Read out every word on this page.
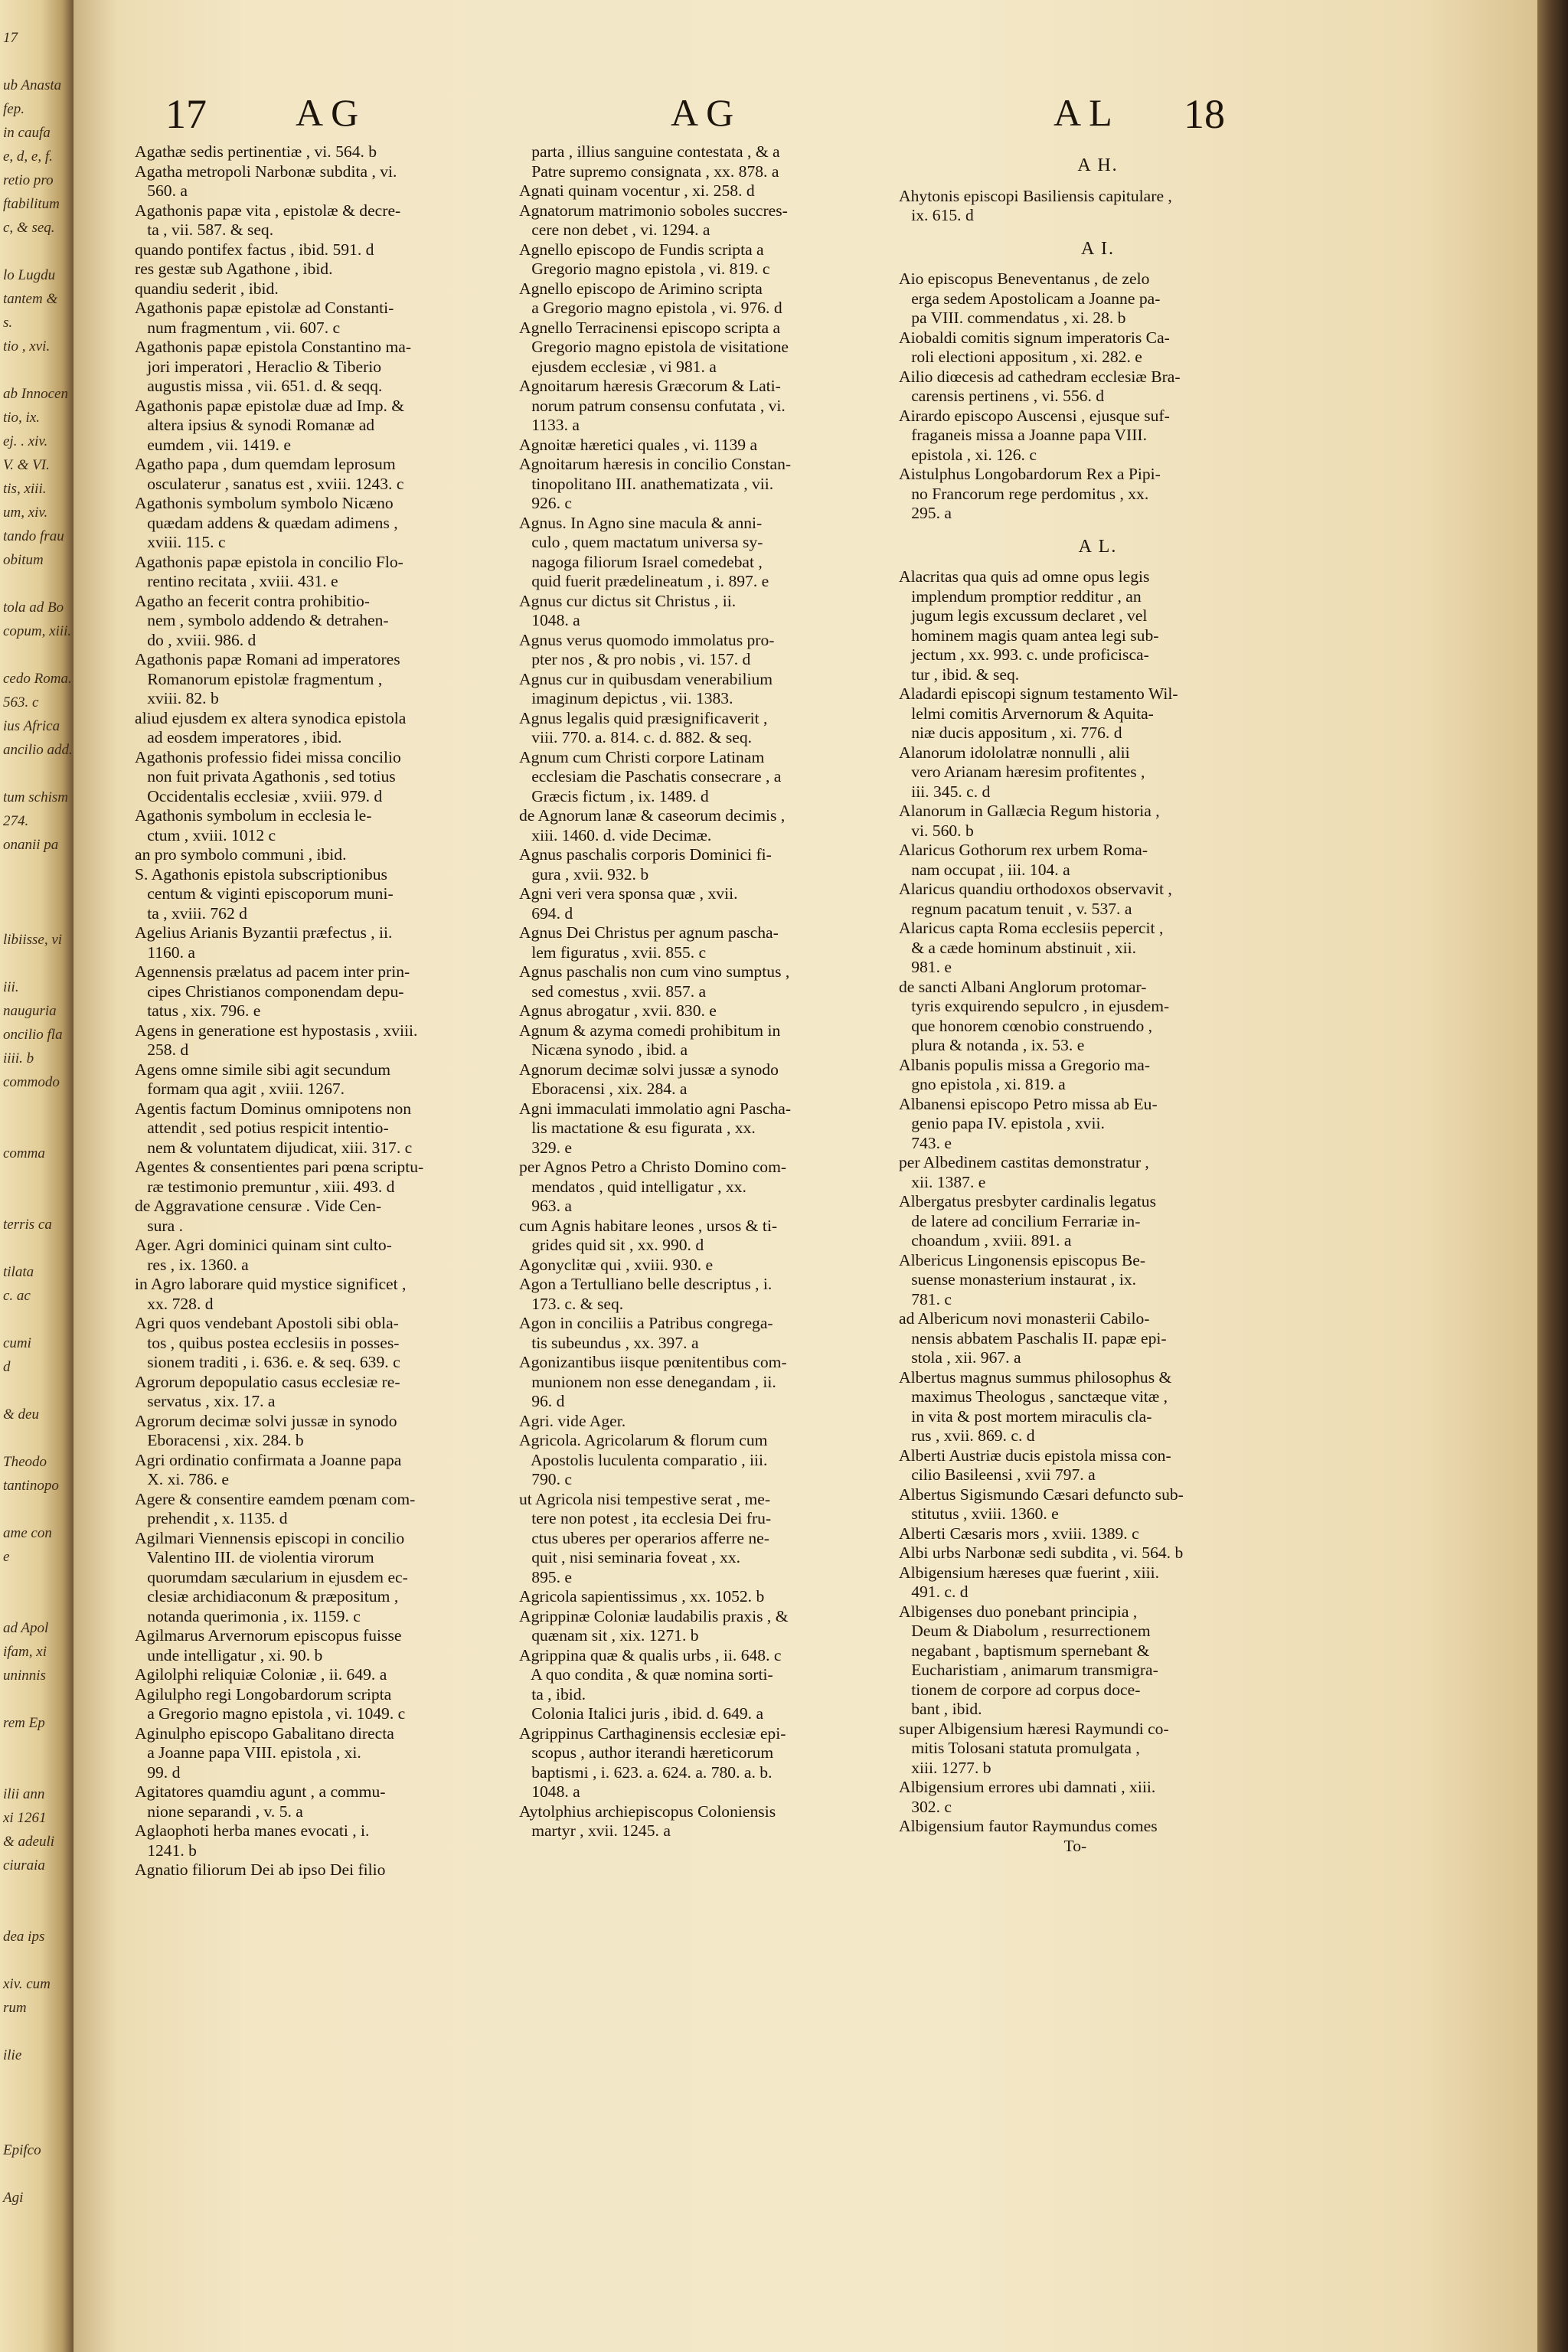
17
ub Anasta
fep.
in caufa
e, d, e, f.
retio pro
ftabilitum
c, & seq.
lo Lugdu
tantem &
s.
tio , xvi.
ab Innocen
tio, ix.
ej. . xiv.
V. & VI.
tis, xiii.
um, xiv.
tando frau
obitum
tola ad Bo
copum, xiii.
cedo Roma.
563. c
ius Africa
ancilio add.
tum schism
274.
onanii pa
libiisse, vi
iii.
nauguria
oncilio fla
iiii. b
commodo
comma
terris ca
tilata
c. ac
cumi
d
& deu
Theodo
tantinopo
ame con
e
ad Apol
ifam, xi
uninnis
rem Ep
ilii ann
xi 1261
& adeuli
ciuraia
dea ips
xiv. cum
rum
ilie
Epifco
Agi
17 AG	AG	AL 18
Agathæ sedis pertinentiæ , vi. 564. b
Agatha metropoli Narbonæ subdita , vi.
560. a
Agathonis papæ vita , epistolæ & decre-
ta , vii. 587. & seq.
quando pontifex factus , ibid. 591. d
res gestæ sub Agathone , ibid.
quandiu sederit , ibid.
Agathonis papæ epistolæ ad Constanti-
num fragmentum , vii. 607. c
Agathonis papæ epistola Constantino ma-
jori imperatori , Heraclio & Tiberio
augustis missa , vii. 651. d. & seqq.
Agathonis papæ epistolæ duæ ad Imp. &
altera ipsius & synodi Romanæ ad
eumdem , vii. 1419. e
Agatho papa , dum quemdam leprosum
osculaterur , sanatus est , xviii. 1243. c
Agathonis symbolum symbolo Nicæno
quædam addens & quædam adimens ,
xviii. 115. c
Agathonis papæ epistola in concilio Flo-
rentino recitata , xviii. 431. e
Agatho an fecerit contra prohibitio-
nem , symbolo addendo & detrahen-
do , xviii. 986. d
Agathonis papæ Romani ad imperatores
Romanorum epistolæ fragmentum ,
xviii. 82. b
aliud ejusdem ex altera synodica epistola
ad eosdem imperatores , ibid.
Agathonis professio fidei missa concilio
non fuit privata Agathonis , sed totius
Occidentalis ecclesiæ , xviii. 979. d
Agathonis symbolum in ecclesia le-
ctum , xviii. 1012 c
an pro symbolo communi , ibid.
S. Agathonis epistola subscriptionibus
centum & viginti episcoporum muni-
ta , xviii. 762 d
Agelius Arianis Byzantii præfectus , ii.
1160. a
Agennensis prælatus ad pacem inter prin-
cipes Christianos componendam depu-
tatus , xix. 796. e
Agens in generatione est hypostasis , xviii.
258. d
Agens omne simile sibi agit secundum
formam qua agit , xviii. 1267.
Agentis factum Dominus omnipotens non
attendit , sed potius respicit intentio-
nem & voluntatem dijudicat, xiii. 317. c
Agentes & consentientes pari pœna scriptu-
ræ testimonio premuntur , xiii. 493. d
de Aggravatione censuræ . Vide Cen-
sura .
Ager. Agri dominici quinam sint culto-
res , ix. 1360. a
in Agro laborare quid mystice significet ,
xx. 728. d
Agri quos vendebant Apostoli sibi obla-
tos , quibus postea ecclesiis in posses-
sionem traditi , i. 636. e. & seq. 639. c
Agrorum depopulatio casus ecclesiæ re-
servatus , xix. 17. a
Agrorum decimæ solvi jussæ in synodo
Eboracensi , xix. 284. b
Agri ordinatio confirmata a Joanne papa
X. xi. 786. e
Agere & consentire eamdem pœnam com-
prehendit , x. 1135. d
Agilmari Viennensis episcopi in concilio
Valentino III. de violentia virorum
quorumdam sæcularium in ejusdem ec-
clesiæ archidiaconum & præpositum ,
notanda querimonia , ix. 1159. c
Agilmarus Arvernorum episcopus fuisse
unde intelligatur , xi. 90. b
Agilolphi reliquiæ Coloniæ , ii. 649. a
Agilulpho regi Longobardorum scripta
a Gregorio magno epistola , vi. 1049. c
Aginulpho episcopo Gabalitano directa
a Joanne papa VIII. epistola , xi.
99. d
Agitatores quamdiu agunt , a commu-
nione separandi , v. 5. a
Aglaophoti herba manes evocati , i.
1241. b
Agnatio filiorum Dei ab ipso Dei filio
parta , illius sanguine contestata , & a
Patre supremo consignata , xx. 878. a
Agnati quinam vocentur , xi. 258. d
Agnatorum matrimonio soboles succres-
cere non debet , vi. 1294. a
Agnello episcopo de Fundis scripta a
Gregorio magno epistola , vi. 819. c
Agnello episcopo de Arimino scripta
a Gregorio magno epistola , vi. 976. d
Agnello Terracinensi episcopo scripta a
Gregorio magno epistola de visitatione
ejusdem ecclesiæ , vi 981. a
Agnoitarum hæresis Græcorum & Lati-
norum patrum consensu confutata , vi.
1133. a
Agnoitæ hæretici quales , vi. 1139 a
Agnoitarum hæresis in concilio Constan-
tinopolitano III. anathematizata , vii.
926. c
Agnus. In Agno sine macula & anni-
culo , quem mactatum universa sy-
nagoga filiorum Israel comedebat ,
quid fuerit prædelineatum , i. 897. e
Agnus cur dictus sit Christus , ii.
1048. a
Agnus verus quomodo immolatus pro-
pter nos , & pro nobis , vi. 157. d
Agnus cur in quibusdam venerabilium
imaginum depictus , vii. 1383.
Agnus legalis quid præsignificaverit ,
viii. 770. a. 814. c. d. 882. & seq.
Agnum cum Christi corpore Latinam
ecclesiam die Paschatis consecrare , a
Græcis fictum , ix. 1489. d
de Agnorum lanæ & caseorum decimis ,
xiii. 1460. d. vide Decimæ.
Agnus paschalis corporis Dominici fi-
gura , xvii. 932. b
Agni veri vera sponsa quæ , xvii.
694. d
Agnus Dei Christus per agnum pascha-
lem figuratus , xvii. 855. c
Agnus paschalis non cum vino sumptus ,
sed comestus , xvii. 857. a
Agnus abrogatur , xvii. 830. e
Agnum & azyma comedi prohibitum in
Nicæna synodo , ibid. a
Agnorum decimæ solvi jussæ a synodo
Eboracensi , xix. 284. a
Agni immaculati immolatio agni Pascha-
lis mactatione & esu figurata , xx.
329. e
per Agnos Petro a Christo Domino com-
mendatos , quid intelligatur , xx.
963. a
cum Agnis habitare leones , ursos & ti-
grides quid sit , xx. 990. d
Agonyclitæ qui , xviii. 930. e
Agon a Tertulliano belle descriptus , i.
173. c. & seq.
Agon in conciliis a Patribus congrega-
tis subeundus , xx. 397. a
Agonizantibus iisque pœnitentibus com-
munionem non esse denegandam , ii.
96. d
Agri. vide Ager.
Agricola. Agricolarum & florum cum
Apostolis luculenta comparatio , iii.
790. c
ut Agricola nisi tempestive serat , me-
tere non potest , ita ecclesia Dei fru-
ctus uberes per operarios afferre ne-
quit , nisi seminaria foveat , xx.
895. e
Agricola sapientissimus , xx. 1052. b
Agrippinæ Coloniæ laudabilis praxis , &
quænam sit , xix. 1271. b
Agrippina quæ & qualis urbs , ii. 648. c
A quo condita , & quæ nomina sorti-
ta , ibid.
Colonia Italici juris , ibid. d. 649. a
Agrippinus Carthaginensis ecclesiæ epi-
scopus , author iterandi hæreticorum
baptismi , i. 623. a. 624. a. 780. a. b.
1048. a
Aytolphius archiepiscopus Coloniensis
martyr , xvii. 1245. a
A H.
Ahytonis episcopi Basiliensis capitulare ,
ix. 615. d
A I.
Aio episcopus Beneventanus , de zelo
erga sedem Apostolicam a Joanne pa-
pa VIII. commendatus , xi. 28. b
Aiobaldi comitis signum imperatoris Ca-
roli electioni appositum , xi. 282. e
Ailio diœcesis ad cathedram ecclesiæ Bra-
carensis pertinens , vi. 556. d
Airardo episcopo Auscensi , ejusque suf-
fraganeis missa a Joanne papa VIII.
epistola , xi. 126. c
Aistulphus Longobardorum Rex a Pipi-
no Francorum rege perdomitus , xx.
295. a
A L.
Alacritas qua quis ad omne opus legis
implendum promptior redditur , an
jugum legis excussum declaret , vel
hominem magis quam antea legi sub-
jectum , xx. 993. c. unde proficisca-
tur , ibid. & seq.
Aladardi episcopi signum testamento Wil-
lelmi comitis Arvernorum & Aquita-
niæ ducis appositum , xi. 776. d
Alanorum idololatræ nonnulli , alii
vero Arianam hæresim profitentes ,
iii. 345. c. d
Alanorum in Gallæcia Regum historia ,
vi. 560. b
Alaricus Gothorum rex urbem Roma-
nam occupat , iii. 104. a
Alaricus quandiu orthodoxos observavit ,
regnum pacatum tenuit , v. 537. a
Alaricus capta Roma ecclesiis pepercit ,
& a cæde hominum abstinuit , xii.
981. e
de sancti Albani Anglorum protomar-
tyris exquirendo sepulcro , in ejusdem-
que honorem cœnobio construendo ,
plura & notanda , ix. 53. e
Albanis populis missa a Gregorio ma-
gno epistola , xi. 819. a
Albanensi episcopo Petro missa ab Eu-
genio papa IV. epistola , xvii.
743. e
per Albedinem castitas demonstratur ,
xii. 1387. e
Albergatus presbyter cardinalis legatus
de latere ad concilium Ferrariæ in-
choandum , xviii. 891. a
Albericus Lingonensis episcopus Be-
suense monasterium instaurat , ix.
781. c
ad Albericum novi monasterii Cabilo-
nensis abbatem Paschalis II. papæ epi-
stola , xii. 967. a
Albertus magnus summus philosophus &
maximus Theologus , sanctæque vitæ ,
in vita & post mortem miraculis cla-
rus , xvii. 869. c. d
Alberti Austriæ ducis epistola missa con-
cilio Basileensi , xvii 797. a
Albertus Sigismundo Cæsari defuncto sub-
stitutus , xviii. 1360. e
Alberti Cæsaris mors , xviii. 1389. c
Albi urbs Narbonæ sedi subdita , vi. 564. b
Albigensium hæreses quæ fuerint , xiii.
491. c. d
Albigenses duo ponebant principia ,
Deum & Diabolum , resurrectionem
negabant , baptismum spernebant &
Eucharistiam , animarum transmigra-
tionem de corpore ad corpus doce-
bant , ibid.
super Albigensium hæresi Raymundi co-
mitis Tolosani statuta promulgata ,
xiii. 1277. b
Albigensium errores ubi damnati , xiii.
302. c
Albigensium fautor Raymundus comes
To-
